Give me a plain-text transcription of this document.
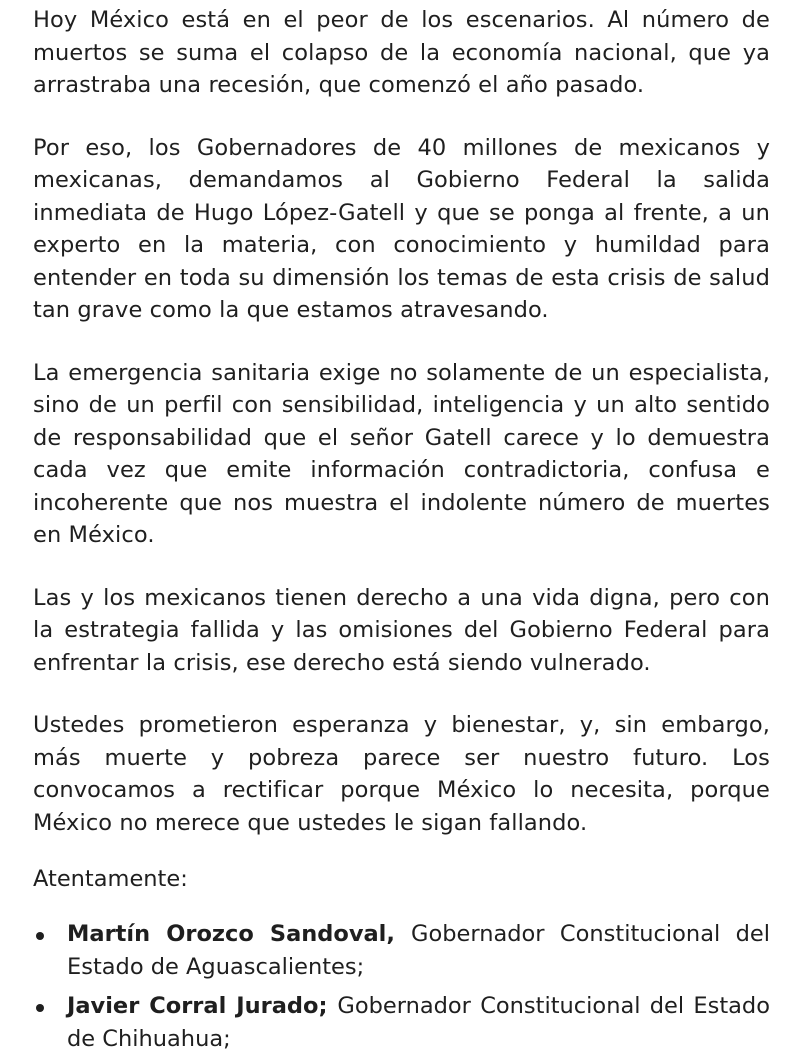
Hoy México está en el peor de los escenarios. Al número de muertos se suma el colapso de la economía nacional, que ya arrastraba una recesión, que comenzó el año pasado.

Por eso, los Gobernadores de 40 millones de mexicanos y mexicanas, demandamos al Gobierno Federal la salida inmediata de Hugo López-Gatell y que se ponga al frente, a un experto en la materia, con conocimiento y humildad para entender en toda su dimensión los temas de esta crisis de salud tan grave como la que estamos atravesando.

La emergencia sanitaria exige no solamente de un especialista, sino de un perfil con sensibilidad, inteligencia y un alto sentido de responsabilidad que el señor Gatell carece y lo demuestra cada vez que emite información contradictoria, confusa e incoherente que nos muestra el indolente número de muertes en México.

Las y los mexicanos tienen derecho a una vida digna, pero con la estrategia fallida y las omisiones del Gobierno Federal para enfrentar la crisis, ese derecho está siendo vulnerado.

Ustedes prometieron esperanza y bienestar, y, sin embargo, más muerte y pobreza parece ser nuestro futuro. Los convocamos a rectificar porque México lo necesita, porque México no merece que ustedes le sigan fallando.

Atentamente:

Martín Orozco Sandoval, Gobernador Constitucional del Estado de Aguascalientes;
Javier Corral Jurado; Gobernador Constitucional del Estado de Chihuahua;
